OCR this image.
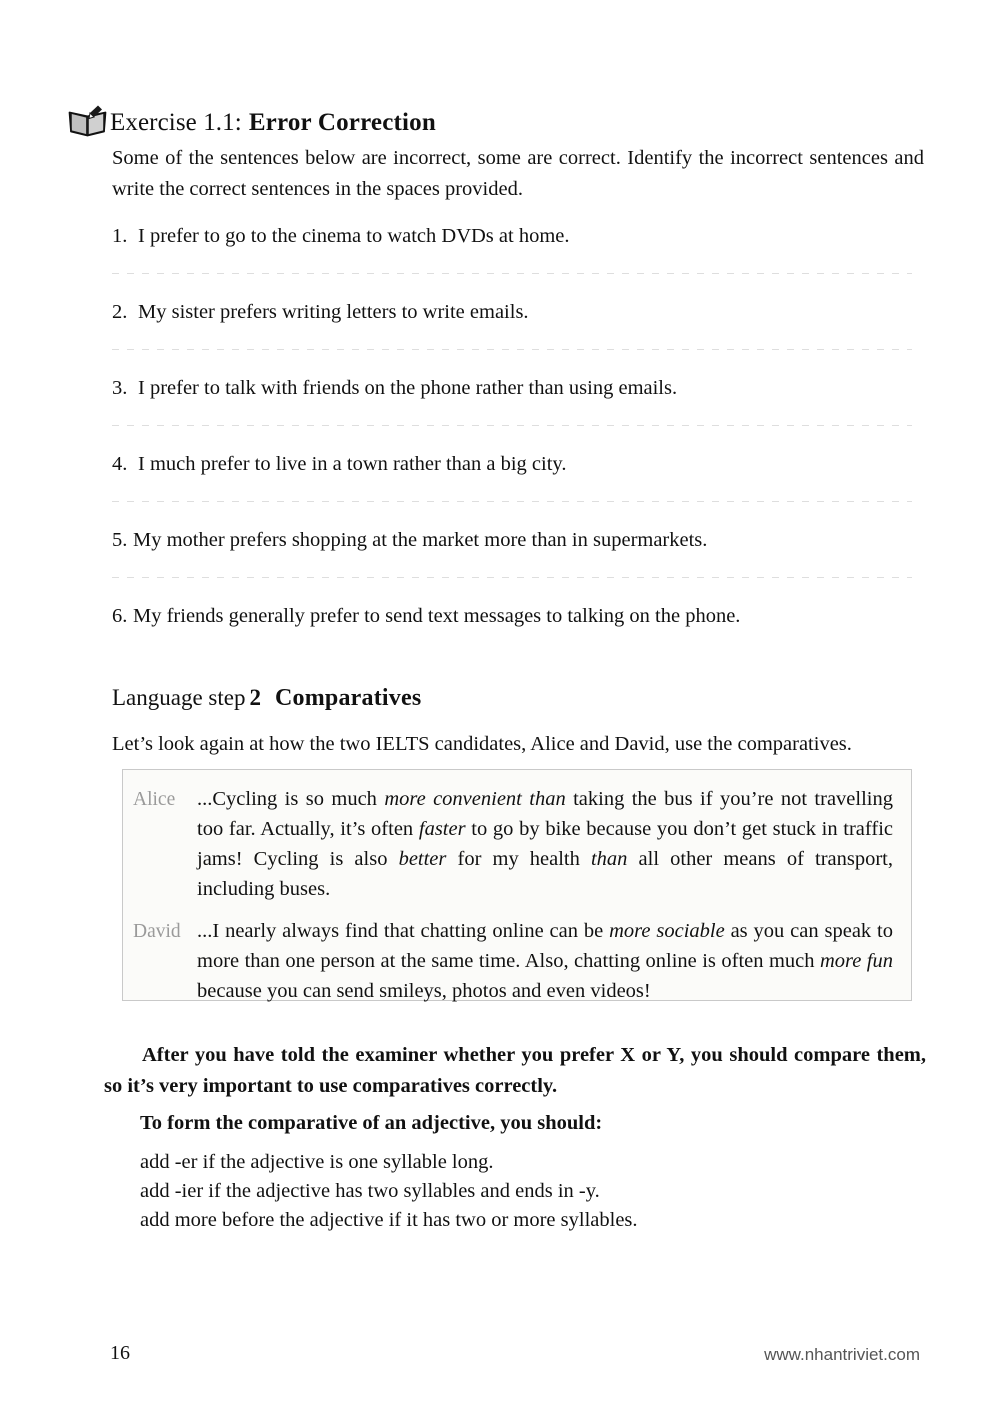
Exercise 1.1: Error Correction
Some of the sentences below are incorrect, some are correct. Identify the incorrect sentences and write the correct sentences in the spaces provided.
1. I prefer to go to the cinema to watch DVDs at home.
2. My sister prefers writing letters to write emails.
3. I prefer to talk with friends on the phone rather than using emails.
4. I much prefer to live in a town rather than a big city.
5. My mother prefers shopping at the market more than in supermarkets.
6. My friends generally prefer to send text messages to talking on the phone.
Language step 2 Comparatives
Let’s look again at how the two IELTS candidates, Alice and David, use the comparatives.
Alice	...Cycling is so much more convenient than taking the bus if you’re not travelling too far. Actually, it’s often faster to go by bike because you don’t get stuck in traffic jams! Cycling is also better for my health than all other means of transport, including buses.
David ...I nearly always find that chatting online can be more sociable as you can speak to more than one person at the same time. Also, chatting online is often much more fun because you can send smileys, photos and even videos!
After you have told the examiner whether you prefer X or Y, you should compare them, so it’s very important to use comparatives correctly.
To form the comparative of an adjective, you should:
add -er if the adjective is one syllable long.
add -ier if the adjective has two syllables and ends in -y.
add more before the adjective if it has two or more syllables.
16	www.nhantriviet.com
